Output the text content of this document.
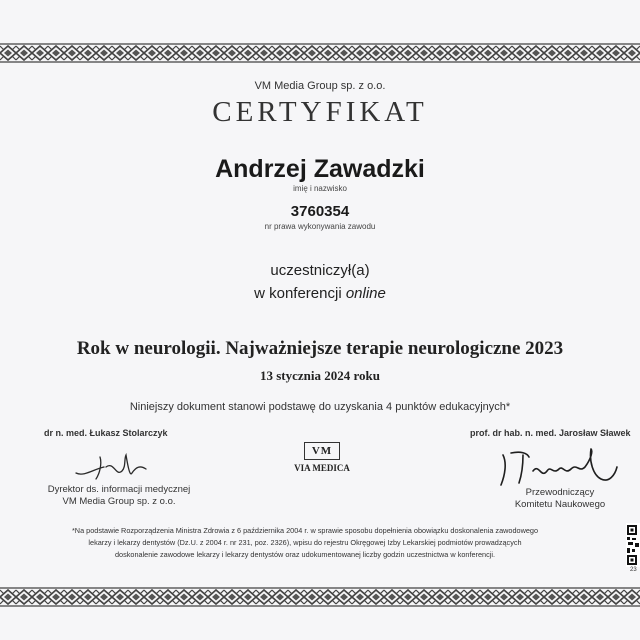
VM Media Group sp. z o.o.
CERTYFIKAT
Andrzej Zawadzki
imię i nazwisko
3760354
nr prawa wykonywania zawodu
uczestniczył(a)
w konferencji online
Rok w neurologii. Najważniejsze terapie neurologiczne 2023
13 stycznia 2024 roku
Niniejszy dokument stanowi podstawę do uzyskania 4 punktów edukacyjnych*
dr n. med. Łukasz Stolarczyk
Dyrektor ds. informacji medycznej
VM Media Group sp. z o.o.
VM
VIA MEDICA
prof. dr hab. n. med. Jarosław Sławek
Przewodniczący
Komitetu Naukowego
*Na podstawie Rozporządzenia Ministra Zdrowia z 6 października 2004 r. w sprawie sposobu dopełnienia obowiązku doskonalenia zawodowego
lekarzy i lekarzy dentystów (Dz.U. z 2004 r. nr 231, poz. 2326), wpisu do rejestru Okręgowej Izby Lekarskiej podmiotów prowadzących
doskonalenie zawodowe lekarzy i lekarzy dentystów oraz udokumentowanej liczby godzin uczestnictwa w konferencji.
23
